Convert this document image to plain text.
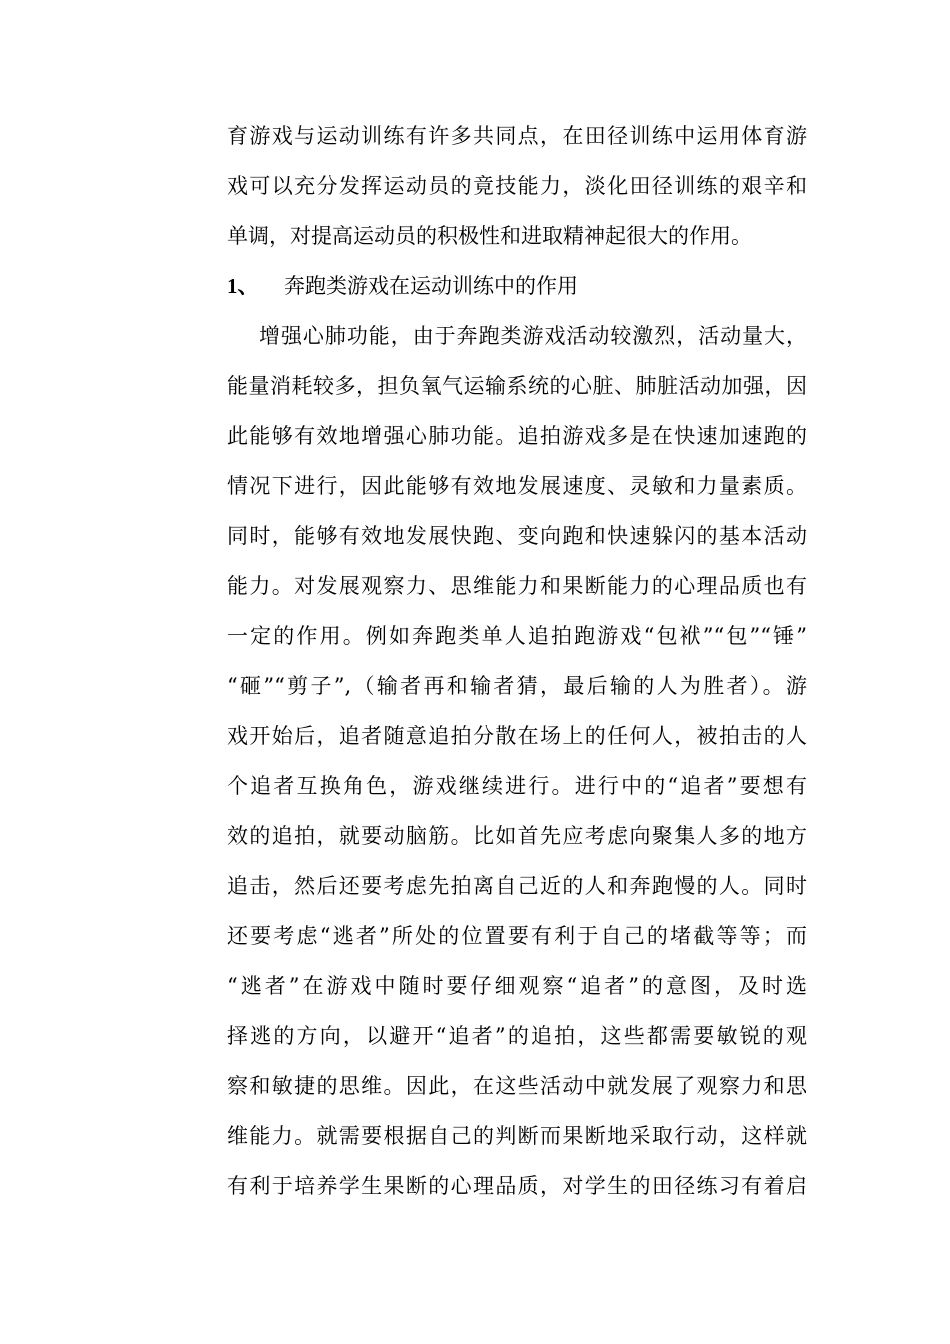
育游戏与运动训练有许多共同点，在田径训练中运用体育游
戏可以充分发挥运动员的竟技能力，淡化田径训练的艰辛和
单调，对提高运动员的积极性和进取精神起很大的作用。
1、 奔跑类游戏在运动训练中的作用
增强心肺功能，由于奔跑类游戏活动较激烈，活动量大，
能量消耗较多，担负氧气运输系统的心脏、肺脏活动加强，因
此能够有效地增强心肺功能。追拍游戏多是在快速加速跑的
情况下进行，因此能够有效地发展速度、灵敏和力量素质。
同时，能够有效地发展快跑、变向跑和快速躲闪的基本活动
能力。对发展观察力、思维能力和果断能力的心理品质也有
一定的作用。例如奔跑类单人追拍跑游戏“包袱”“包”“锤”
“砸”“剪子”,（输者再和输者猜，最后输的人为胜者）。游
戏开始后，追者随意追拍分散在场上的任何人，被拍击的人
个追者互换角色，游戏继续进行。进行中的“追者”要想有
效的追拍，就要动脑筋。比如首先应考虑向聚集人多的地方
追击，然后还要考虑先拍离自己近的人和奔跑慢的人。同时
还要考虑“逃者”所处的位置要有利于自己的堵截等等；而
“逃者”在游戏中随时要仔细观察“追者”的意图，及时选
择逃的方向，以避开“追者”的追拍，这些都需要敏锐的观
察和敏捷的思维。因此，在这些活动中就发展了观察力和思
维能力。就需要根据自己的判断而果断地采取行动，这样就
有利于培养学生果断的心理品质，对学生的田径练习有着启
